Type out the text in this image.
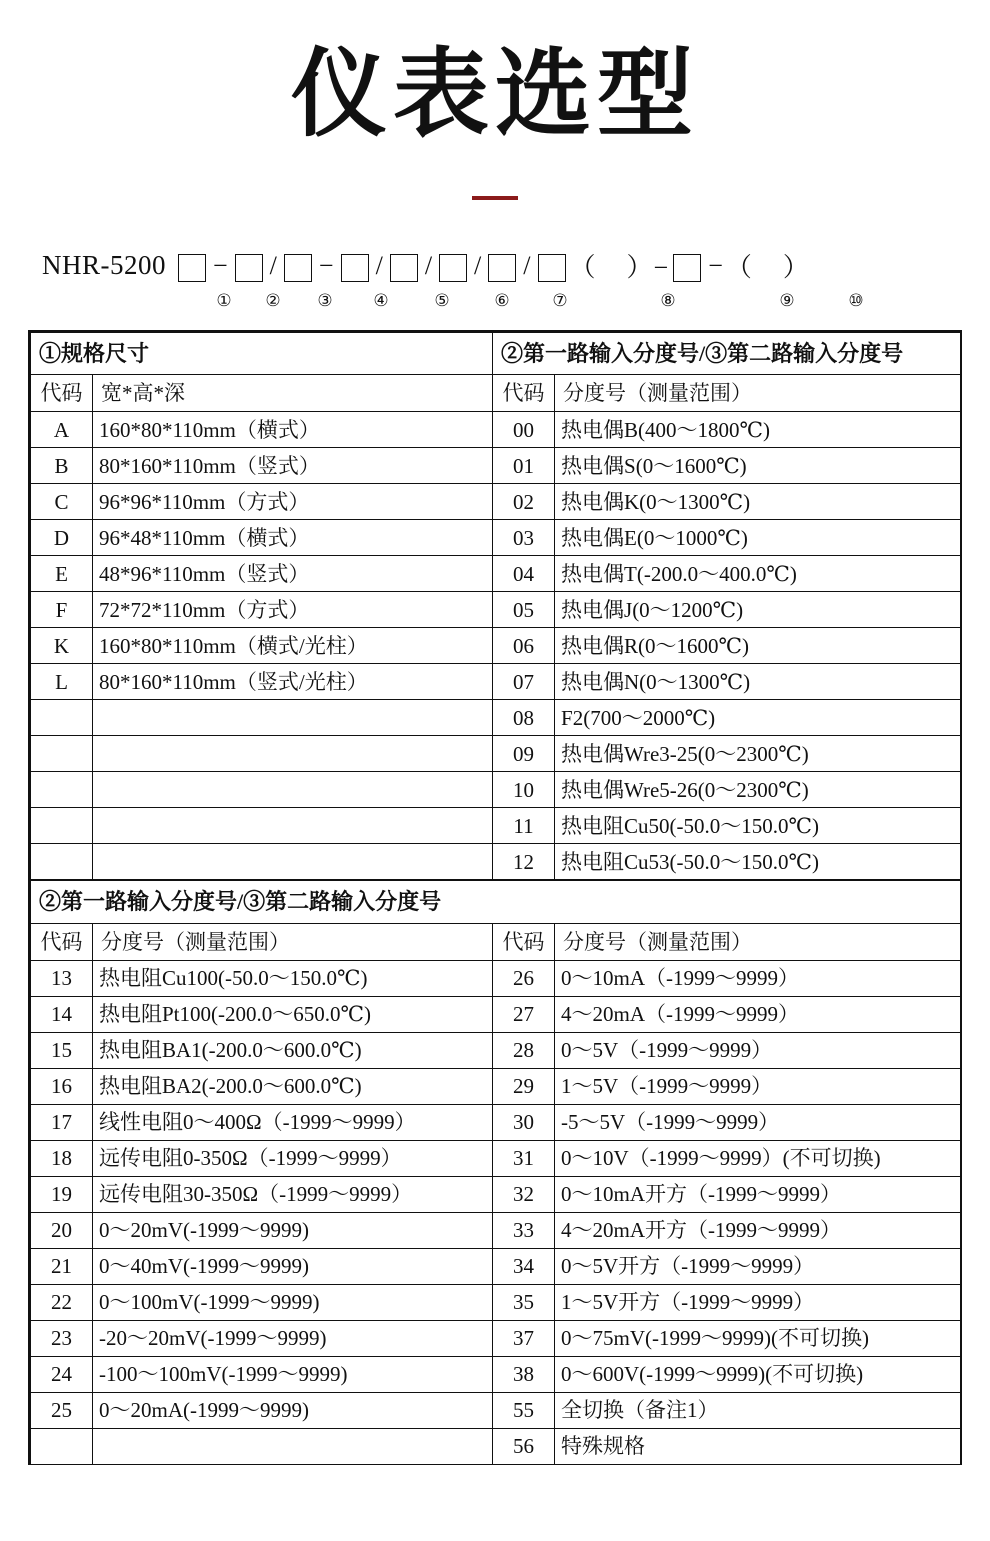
仪表选型
NHR-5200 − / − / / / / （    ）− − （    ）
①	②	③	④	⑤	⑥	⑦	⑧	⑨	⑩
①规格尺寸		②第一路输入分度号/③第二路输入分度号	
代码	宽*高*深	代码	分度号（测量范围）
A	160*80*110mm（横式）	00	热电偶B(400～1800℃)
B	80*160*110mm（竖式）	01	热电偶S(0～1600℃)
C	96*96*110mm（方式）	02	热电偶K(0～1300℃)
D	96*48*110mm（横式）	03	热电偶E(0～1000℃)
E	48*96*110mm（竖式）	04	热电偶T(-200.0～400.0℃)
F	72*72*110mm（方式）	05	热电偶J(0～1200℃)
K	160*80*110mm（横式/光柱）	06	热电偶R(0～1600℃)
L	80*160*110mm（竖式/光柱）	07	热电偶N(0～1300℃)
		08	F2(700～2000℃)
		09	热电偶Wre3-25(0～2300℃)
		10	热电偶Wre5-26(0～2300℃)
		11	热电阻Cu50(-50.0～150.0℃)
		12	热电阻Cu53(-50.0～150.0℃)
②第一路输入分度号/③第二路输入分度号			
代码	分度号（测量范围）	代码	分度号（测量范围）
13	热电阻Cu100(-50.0～150.0℃)	26	0～10mA（-1999～9999）
14	热电阻Pt100(-200.0～650.0℃)	27	4～20mA（-1999～9999）
15	热电阻BA1(-200.0～600.0℃)	28	0～5V（-1999～9999）
16	热电阻BA2(-200.0～600.0℃)	29	1～5V（-1999～9999）
17	线性电阻0～400Ω（-1999～9999）	30	-5～5V（-1999～9999）
18	远传电阻0-350Ω（-1999～9999）	31	0～10V（-1999～9999）(不可切换)
19	远传电阻30-350Ω（-1999～9999）	32	0～10mA开方（-1999～9999）
20	0～20mV(-1999～9999)	33	4～20mA开方（-1999～9999）
21	0～40mV(-1999～9999)	34	0～5V开方（-1999～9999）
22	0～100mV(-1999～9999)	35	1～5V开方（-1999～9999）
23	-20～20mV(-1999～9999)	37	0～75mV(-1999～9999)(不可切换)
24	-100～100mV(-1999～9999)	38	0～600V(-1999～9999)(不可切换)
25	0～20mA(-1999～9999)	55	全切换（备注1）
		56	特殊规格
